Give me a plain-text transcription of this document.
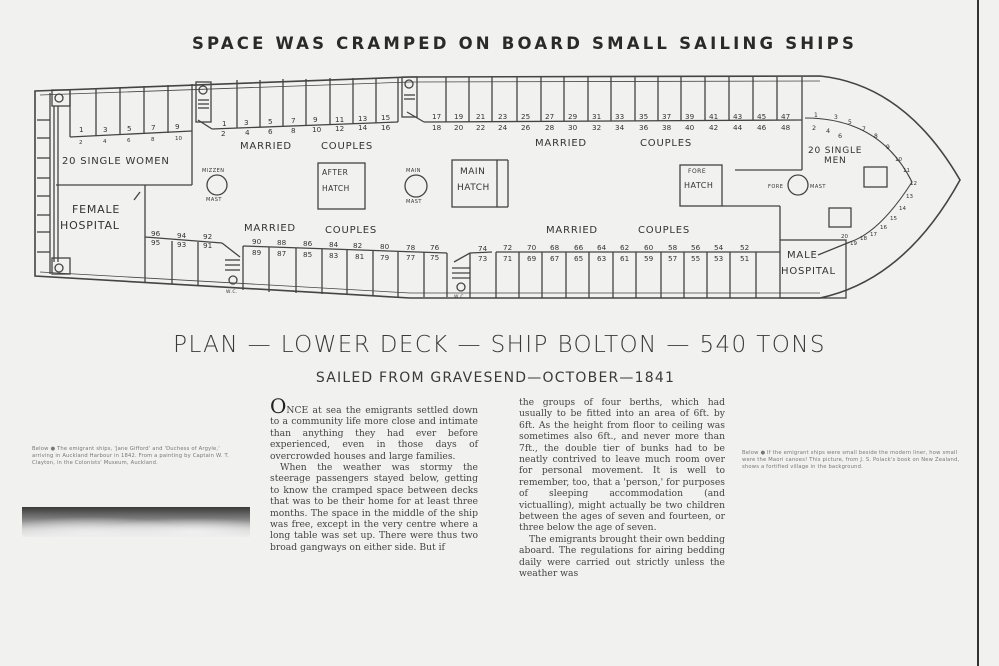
SPACE WAS CRAMPED ON BOARD SMALL SAILING SHIPS
20 SINGLE WOMEN
FEMALE
HOSPITAL
MARRIED	COUPLES	MARRIED	COUPLES
MARRIED	COUPLES	MARRIED	COUPLES
20 SINGLE
MEN
MALE
HOSPITAL
AFTER
HATCH
MAIN
HATCH
FORE
HATCH
MIZZEN
MAST
MAIN
MAST
FORE	MAST
W.C.
W.C.
1	3	5	7	9
2	4	6	8	10
1 3	5	7 9 11 13 15
2	4	6	8 10 12 14 16
17 19 21 23 25 27 29 31 33 35 37 39 41 43 45 47
18 20 22 24 26 28 30 32 34 36 38 40 42 44 46 48
96 94 92
95 93 91	90 88 86 84 82 80 78 76
89 87 85 83 81 79 77 75
74
73
72 70 68 66 64 62 60 58 56 54 52
71 69 67 65 63 61 59 57 55 53 51
2 4
6
1	3
5
7
8
9
10
11
12
13
14
15
16
17
18
19
20
PLAN — LOWER DECK — SHIP BOLTON — 540 TONS
SAILED FROM GRAVESEND—OCTOBER—1841
Below ● The emigrant ships, 'Jane Gifford' and 'Duchess of Argyle,' arriving in Auckland Harbour in 1842. From a painting by Captain W. T. Clayton, in the Colonists' Museum, Auckland.
ONCE at sea the emigrants settled down to a community life more close and intimate than anything they had ever before experienced, even in those days of overcrowded houses and large families.
When the weather was stormy the steerage passengers stayed below, getting to know the cramped space between decks that was to be their home for at least three months. The space in the middle of the ship was free, except in the very centre where a long table was set up. There were thus two broad gangways on either side. But if
the groups of four berths, which had usually to be fitted into an area of 6ft. by 6ft. As the height from floor to ceiling was sometimes also 6ft., and never more than 7ft., the double tier of bunks had to be neatly contrived to leave much room over for personal movement. It is well to remember, too, that a 'person,' for purposes of sleeping accommodation (and victualling), might actually be two children between the ages of seven and fourteen, or three below the age of seven.
The emigrants brought their own bedding aboard. The regulations for airing bedding daily were carried out strictly unless the weather was
Below ● If the emigrant ships were small beside the modern liner, how small were the Maori canoes! This picture, from J. S. Polack's book on New Zealand, shows a fortified village in the background.
